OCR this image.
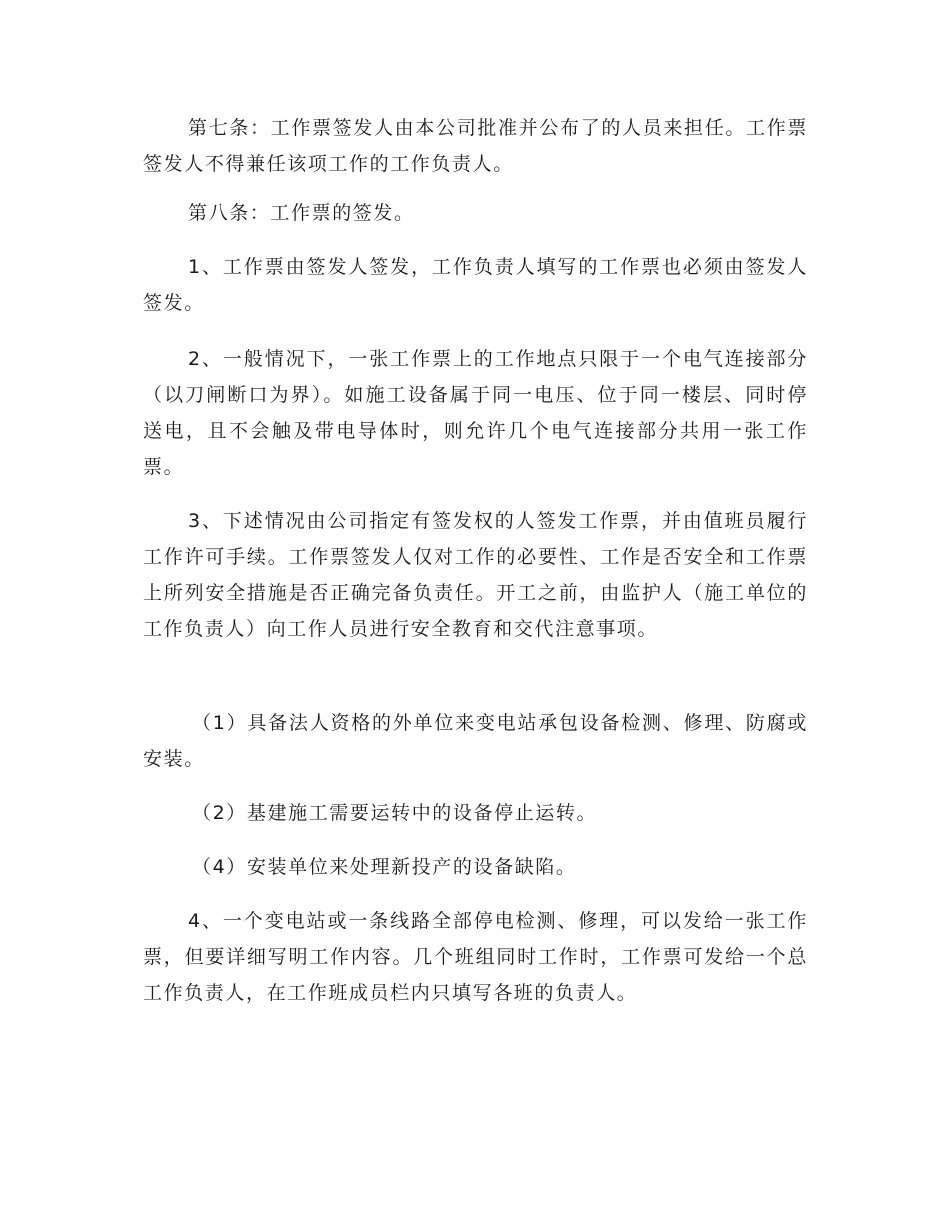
第七条：工作票签发人由本公司批准并公布了的人员来担任。工作票签发人不得兼任该项工作的工作负责人。

第八条：工作票的签发。

1、工作票由签发人签发，工作负责人填写的工作票也必须由签发人签发。

2、一般情况下，一张工作票上的工作地点只限于一个电气连接部分（以刀闸断口为界）。如施工设备属于同一电压、位于同一楼层、同时停送电，且不会触及带电导体时，则允许几个电气连接部分共用一张工作票。

3、下述情况由公司指定有签发权的人签发工作票，并由值班员履行工作许可手续。工作票签发人仅对工作的必要性、工作是否安全和工作票上所列安全措施是否正确完备负责任。开工之前，由监护人（施工单位的工作负责人）向工作人员进行安全教育和交代注意事项。

（1）具备法人资格的外单位来变电站承包设备检测、修理、防腐或安装。

（2）基建施工需要运转中的设备停止运转。

（4）安装单位来处理新投产的设备缺陷。

4、一个变电站或一条线路全部停电检测、修理，可以发给一张工作票，但要详细写明工作内容。几个班组同时工作时，工作票可发给一个总工作负责人，在工作班成员栏内只填写各班的负责人。
